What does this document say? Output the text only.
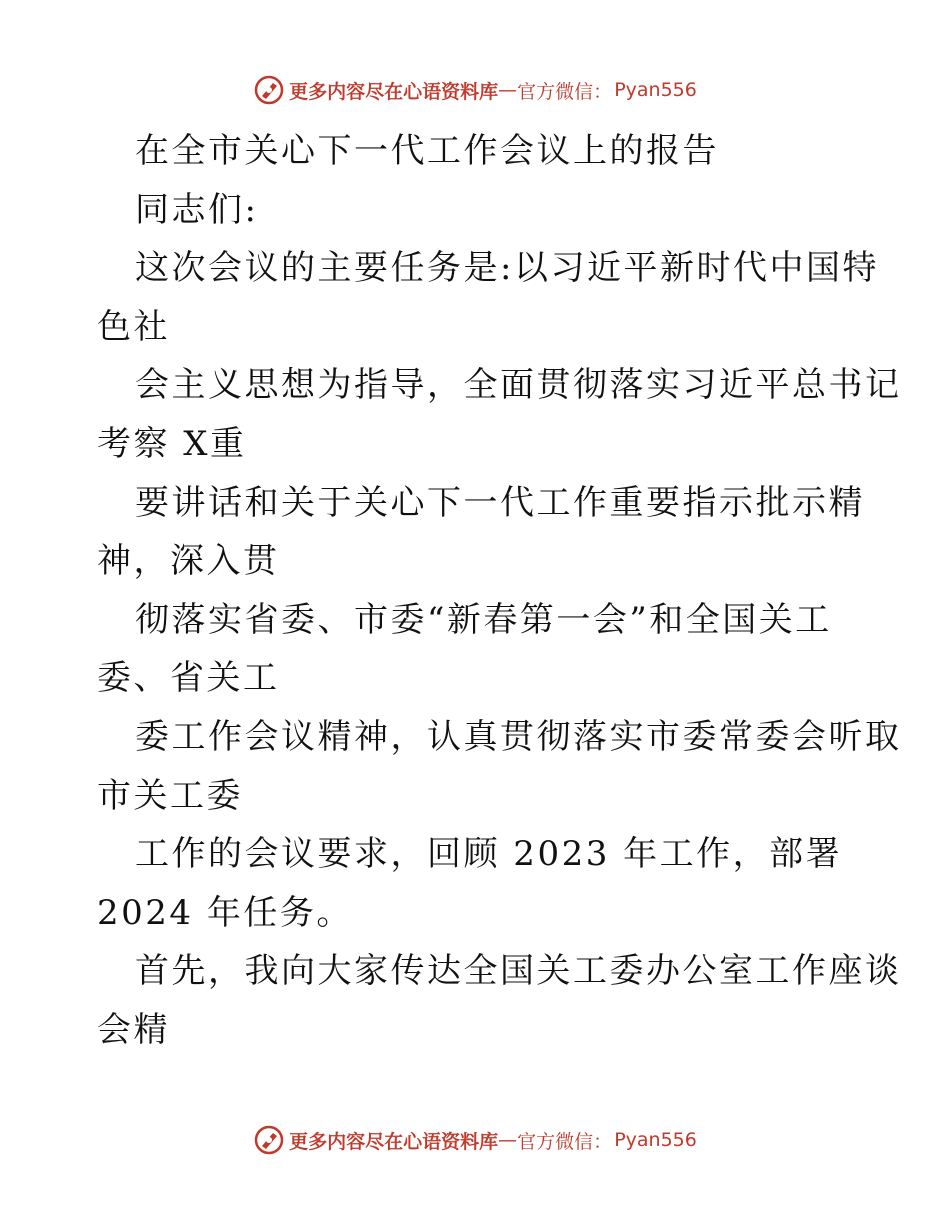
更多内容尽在心语资料库 — 官方微信： Pyan556
在全市关心下一代工作会议上的报告
同志们:
这次会议的主要任务是:以习近平新时代中国特
色社
会主义思想为指导，全面贯彻落实习近平总书记
考察 X重
要讲话和关于关心下一代工作重要指示批示精
神，深入贯
彻落实省委、市委“新春第一会”和全国关工
委、省关工
委工作会议精神，认真贯彻落实市委常委会听取
市关工委
工作的会议要求，回顾 2023 年工作，部署
2024 年任务。
首先，我向大家传达全国关工委办公室工作座谈
会精
更多内容尽在心语资料库 — 官方微信： Pyan556
